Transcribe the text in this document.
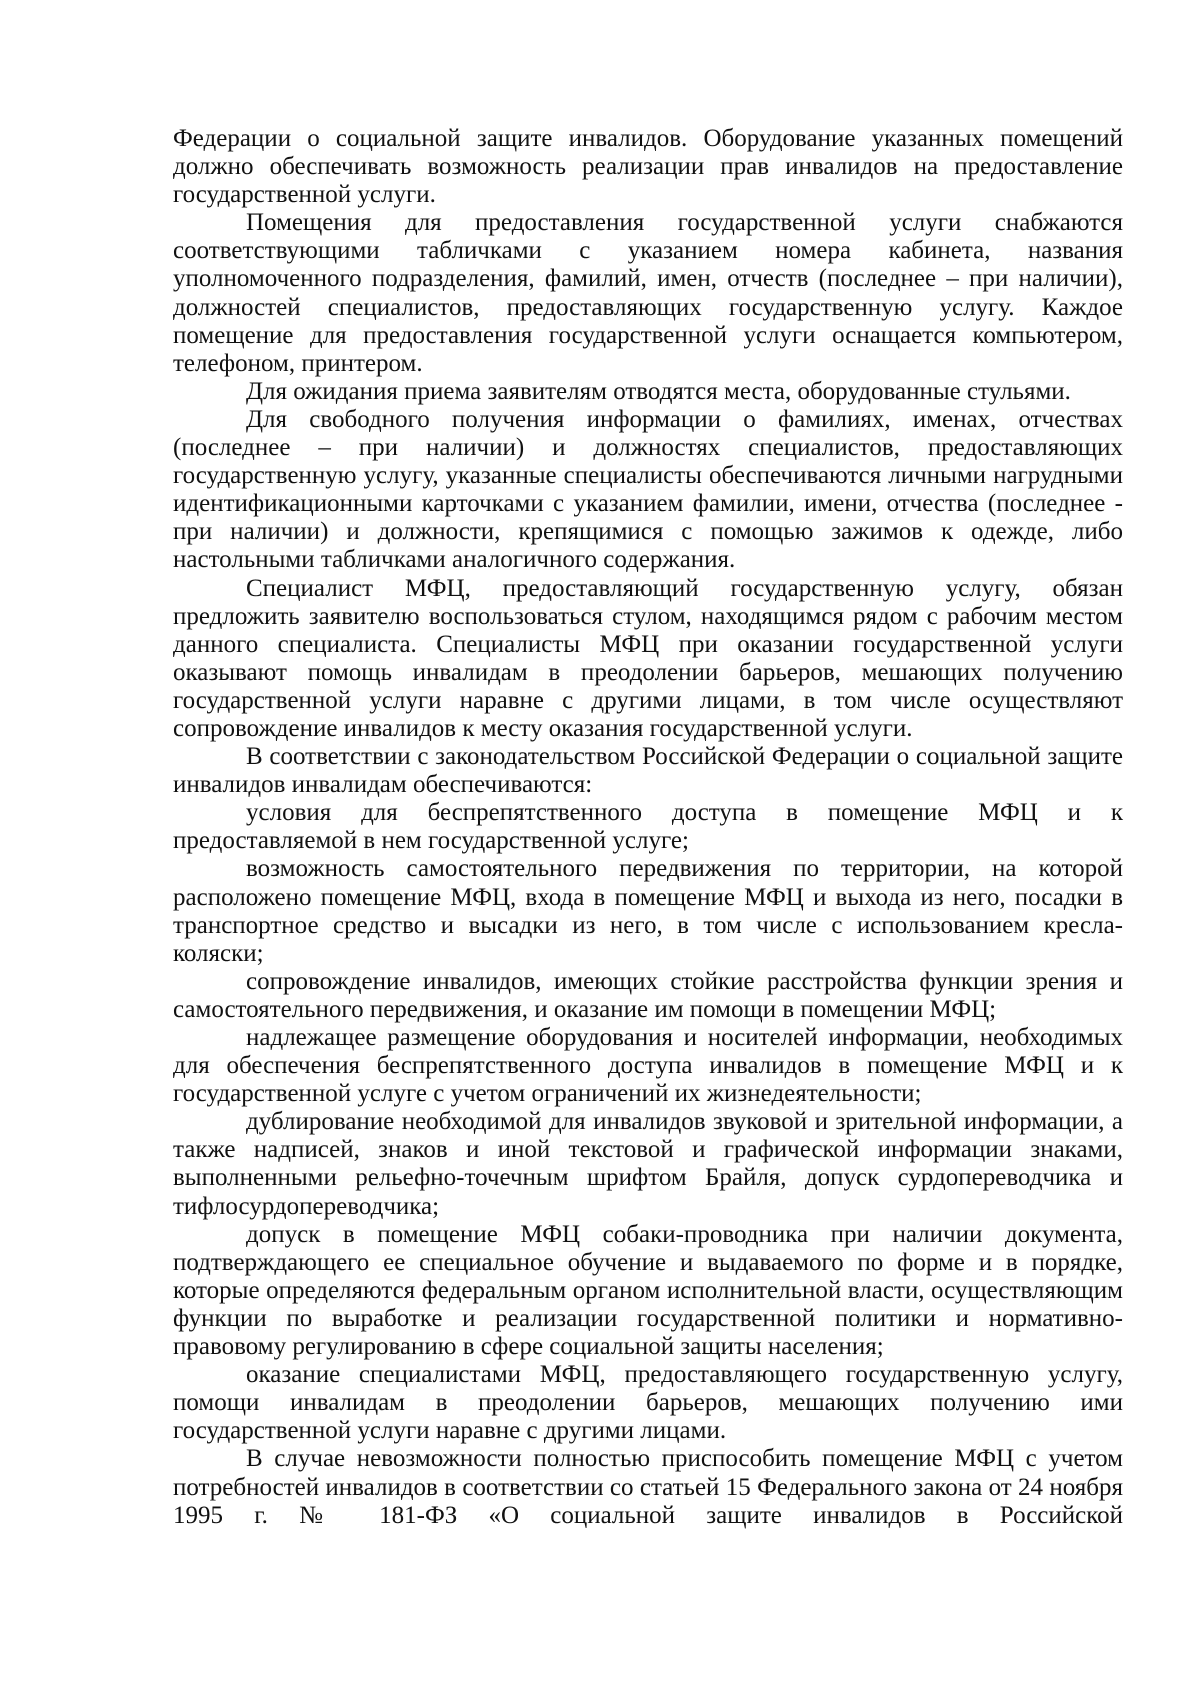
Федерации о социальной защите инвалидов. Оборудование указанных помещений должно обеспечивать возможность реализации прав инвалидов на предоставление государственной услуги.

Помещения для предоставления государственной услуги снабжаются соответствующими табличками с указанием номера кабинета, названия уполномоченного подразделения, фамилий, имен, отчеств (последнее – при наличии), должностей специалистов, предоставляющих государственную услугу. Каждое помещение для предоставления государственной услуги оснащается компьютером, телефоном, принтером.

Для ожидания приема заявителям отводятся места, оборудованные стульями.

Для свободного получения информации о фамилиях, именах, отчествах (последнее – при наличии) и должностях специалистов, предоставляющих государственную услугу, указанные специалисты обеспечиваются личными нагрудными идентификационными карточками с указанием фамилии, имени, отчества (последнее - при наличии) и должности, крепящимися с помощью зажимов к одежде, либо настольными табличками аналогичного содержания.

Специалист МФЦ, предоставляющий государственную услугу, обязан предложить заявителю воспользоваться стулом, находящимся рядом с рабочим местом данного специалиста. Специалисты МФЦ при оказании государственной услуги оказывают помощь инвалидам в преодолении барьеров, мешающих получению государственной услуги наравне с другими лицами, в том числе осуществляют сопровождение инвалидов к месту оказания государственной услуги.

В соответствии с законодательством Российской Федерации о социальной защите инвалидов инвалидам обеспечиваются:

условия для беспрепятственного доступа в помещение МФЦ и к предоставляемой в нем государственной услуге;

возможность самостоятельного передвижения по территории, на которой расположено помещение МФЦ, входа в помещение МФЦ и выхода из него, посадки в транспортное средство и высадки из него, в том числе с использованием кресла-коляски;

сопровождение инвалидов, имеющих стойкие расстройства функции зрения и самостоятельного передвижения, и оказание им помощи в помещении МФЦ;

надлежащее размещение оборудования и носителей информации, необходимых для обеспечения беспрепятственного доступа инвалидов в помещение МФЦ и к государственной услуге с учетом ограничений их жизнедеятельности;

дублирование необходимой для инвалидов звуковой и зрительной информации, а также надписей, знаков и иной текстовой и графической информации знаками, выполненными рельефно-точечным шрифтом Брайля, допуск сурдопереводчика и тифлосурдопереводчика;

допуск в помещение МФЦ собаки-проводника при наличии документа, подтверждающего ее специальное обучение и выдаваемого по форме и в порядке, которые определяются федеральным органом исполнительной власти, осуществляющим функции по выработке и реализации государственной политики и нормативно-правовому регулированию в сфере социальной защиты населения;

оказание специалистами МФЦ, предоставляющего государственную услугу, помощи инвалидам в преодолении барьеров, мешающих получению ими государственной услуги наравне с другими лицами.

В случае невозможности полностью приспособить помещение МФЦ с учетом потребностей инвалидов в соответствии со статьей 15 Федерального закона от 24 ноября 1995 г. № 181-ФЗ «О социальной защите инвалидов в Российской
